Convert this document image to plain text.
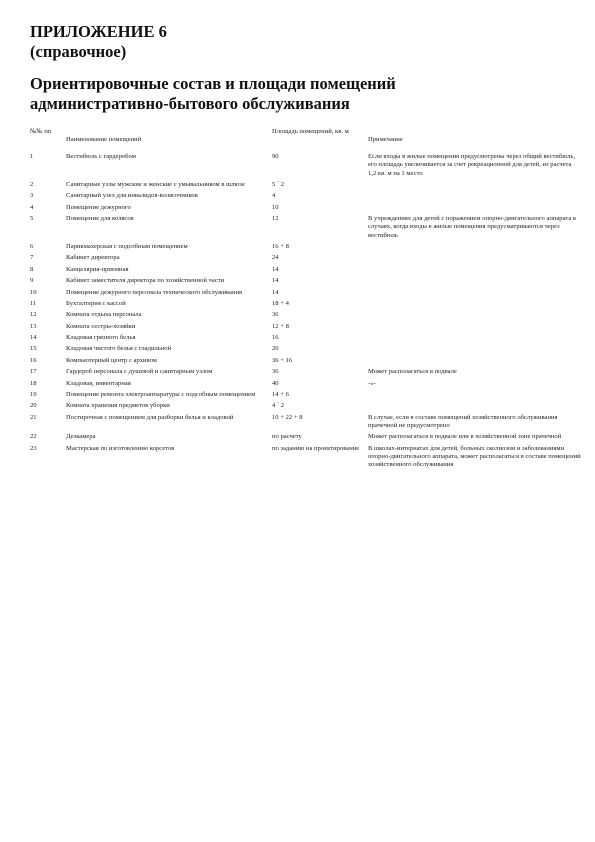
ПРИЛОЖЕНИЕ 6
(справочное)
Ориентировочные состав и площади помещений
административно-бытового обслуживания
№№ пп	Наименование помещений	Площадь помещений, кв. м	Примечание
1	Вестибюль с гардеробом	90	Если входы в жилые помещения предусмотрены через общий вестибюль, его площадь увеличивается за счет рекреационной для детей, из расчета 1,2 кв. м на 1 место
2	Санитарные узлы мужские и женские с умывальником в шлюзе	5 ´ 2	
3	Санитарный узел для инвалидов-колясочников	4	
4	Помещение дежурного	10	
5	Помещение для колясок	12	В учреждениях для детей с поражением опорно-двигательного аппарата в случаях, когда входы в жилые помещения предусматриваются через вестибюль
6	Парикмахерская с подсобным помещением	16 + 8	
7	Кабинет директора	24	
8	Канцелярия-приемная	14	
9	Кабинет заместителя директора по хозяйственной части	14	
10	Помещение дежурного персонала технического обслуживания	14	
11	Бухгалтерия с кассой	18 + 4	
12	Комната отдыха персонала	36	
13	Комната сестры-хозяйки	12 + 8	
14	Кладовая грязного белья	16	
15	Кладовая чистого белья с гладильной	20	
16	Компьютерный центр с архивом	36 + 16	
17	Гардероб персонала с душевой и санитарным узлом	36	Может располагаться в подвале
18	Кладовая, инвентарная	40	-«-
19	Помещение ремонта электроаппаратуры с подсобным помещением	14 + 6	
20	Комната хранения предметов уборки	4 ´ 2	
21	Постирочная с помещением для разборки белья и кладовой	10 + 22 + 8	В случае, если в составе помещений хозяйственного обслуживания прачечной не предусмотрено
22	Дезкамера	по расчету	Может располагаться в подвале или в хозяйственной зоне прачечной
23	Мастерская по изготовлению корсетов	по заданию на проектирование	В школах-интернатах для детей, больных сколиозом и заболеваниями опорно-двигательного аппарата, может располагаться в составе помещений хозяйственного обслуживания
